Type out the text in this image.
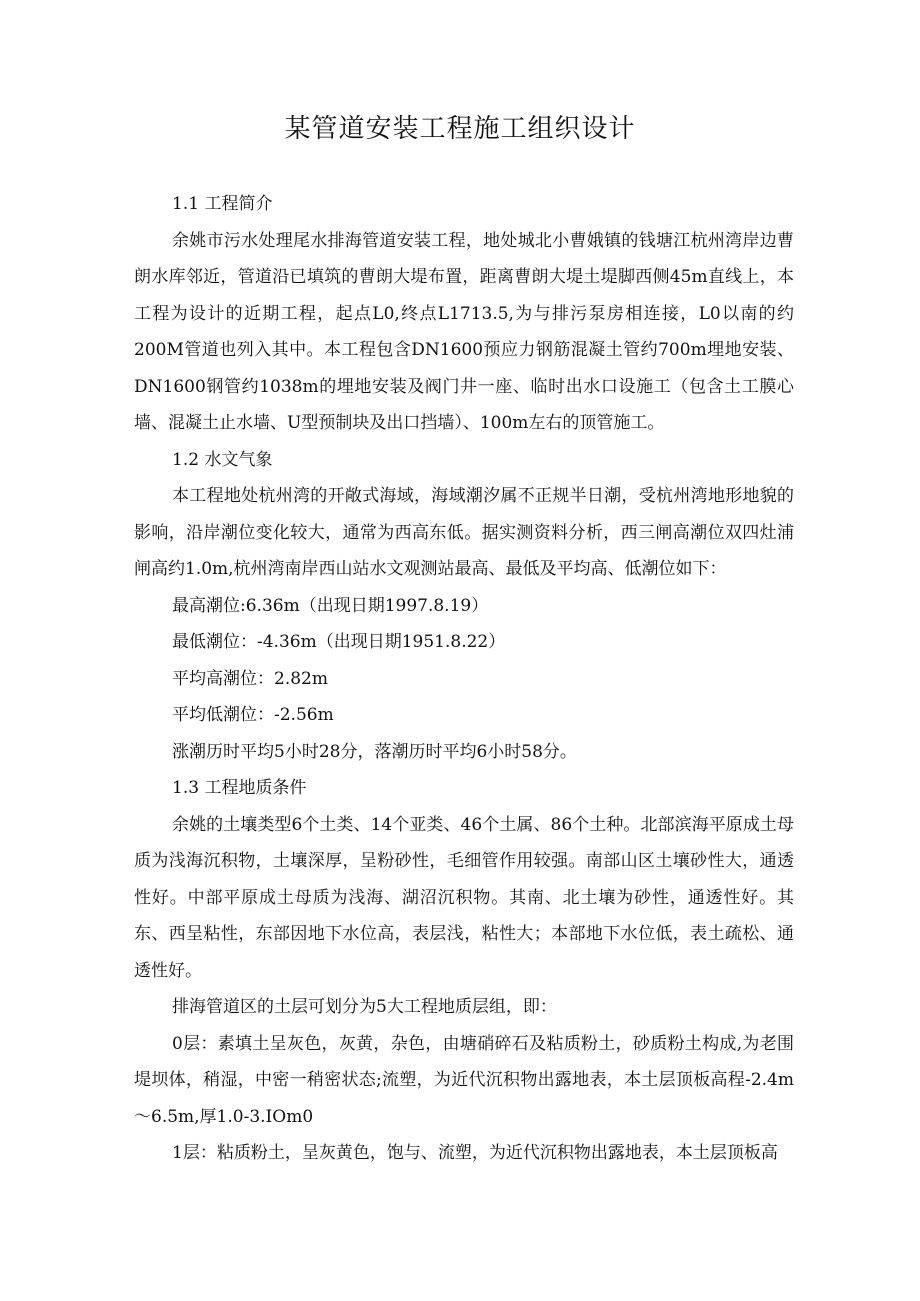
某管道安装工程施工组织设计

1.1 工程简介

余姚市污水处理尾水排海管道安装工程，地处城北小曹娥镇的钱塘江杭州湾岸边曹朗水库邻近，管道沿已填筑的曹朗大堤布置，距离曹朗大堤土堤脚西侧45m直线上，本工程为设计的近期工程，起点L0,终点L1713.5,为与排污泵房相连接，L0以南的约200M管道也列入其中。本工程包含DN1600预应力钢筋混凝土管约700m埋地安装、DN1600钢管约1038m的埋地安装及阀门井一座、临时出水口设施工（包含土工膜心墙、混凝土止水墙、U型预制块及出口挡墙）、100m左右的顶管施工。

1.2 水文气象

本工程地处杭州湾的开敞式海域，海域潮汐属不正规半日潮，受杭州湾地形地貌的影响，沿岸潮位变化较大，通常为西高东低。据实测资料分析，西三闸高潮位双四灶浦闸高约1.0m,杭州湾南岸西山站水文观测站最高、最低及平均高、低潮位如下：

最高潮位:6.36m（出现日期1997.8.19）

最低潮位：-4.36m（出现日期1951.8.22）

平均高潮位：2.82m

平均低潮位：-2.56m

涨潮历时平均5小时28分，落潮历时平均6小时58分。

1.3 工程地质条件

余姚的土壤类型6个土类、14个亚类、46个土属、86个土种。北部滨海平原成土母质为浅海沉积物，土壤深厚，呈粉砂性，毛细管作用较强。南部山区土壤砂性大，通透性好。中部平原成土母质为浅海、湖沼沉积物。其南、北土壤为砂性，通透性好。其东、西呈粘性，东部因地下水位高，表层浅，粘性大；本部地下水位低，表土疏松、通透性好。

排海管道区的土层可划分为5大工程地质层组，即：

0层：素填土呈灰色，灰黄，杂色，由塘硝碎石及粘质粉土，砂质粉土构成,为老围堤坝体，稍湿，中密一稍密状态;流塑，为近代沉积物出露地表，本土层顶板高程-2.4m～6.5m,厚1.0-3.IOm0

1层：粘质粉土，呈灰黄色，饱与、流塑，为近代沉积物出露地表，本土层顶板高
